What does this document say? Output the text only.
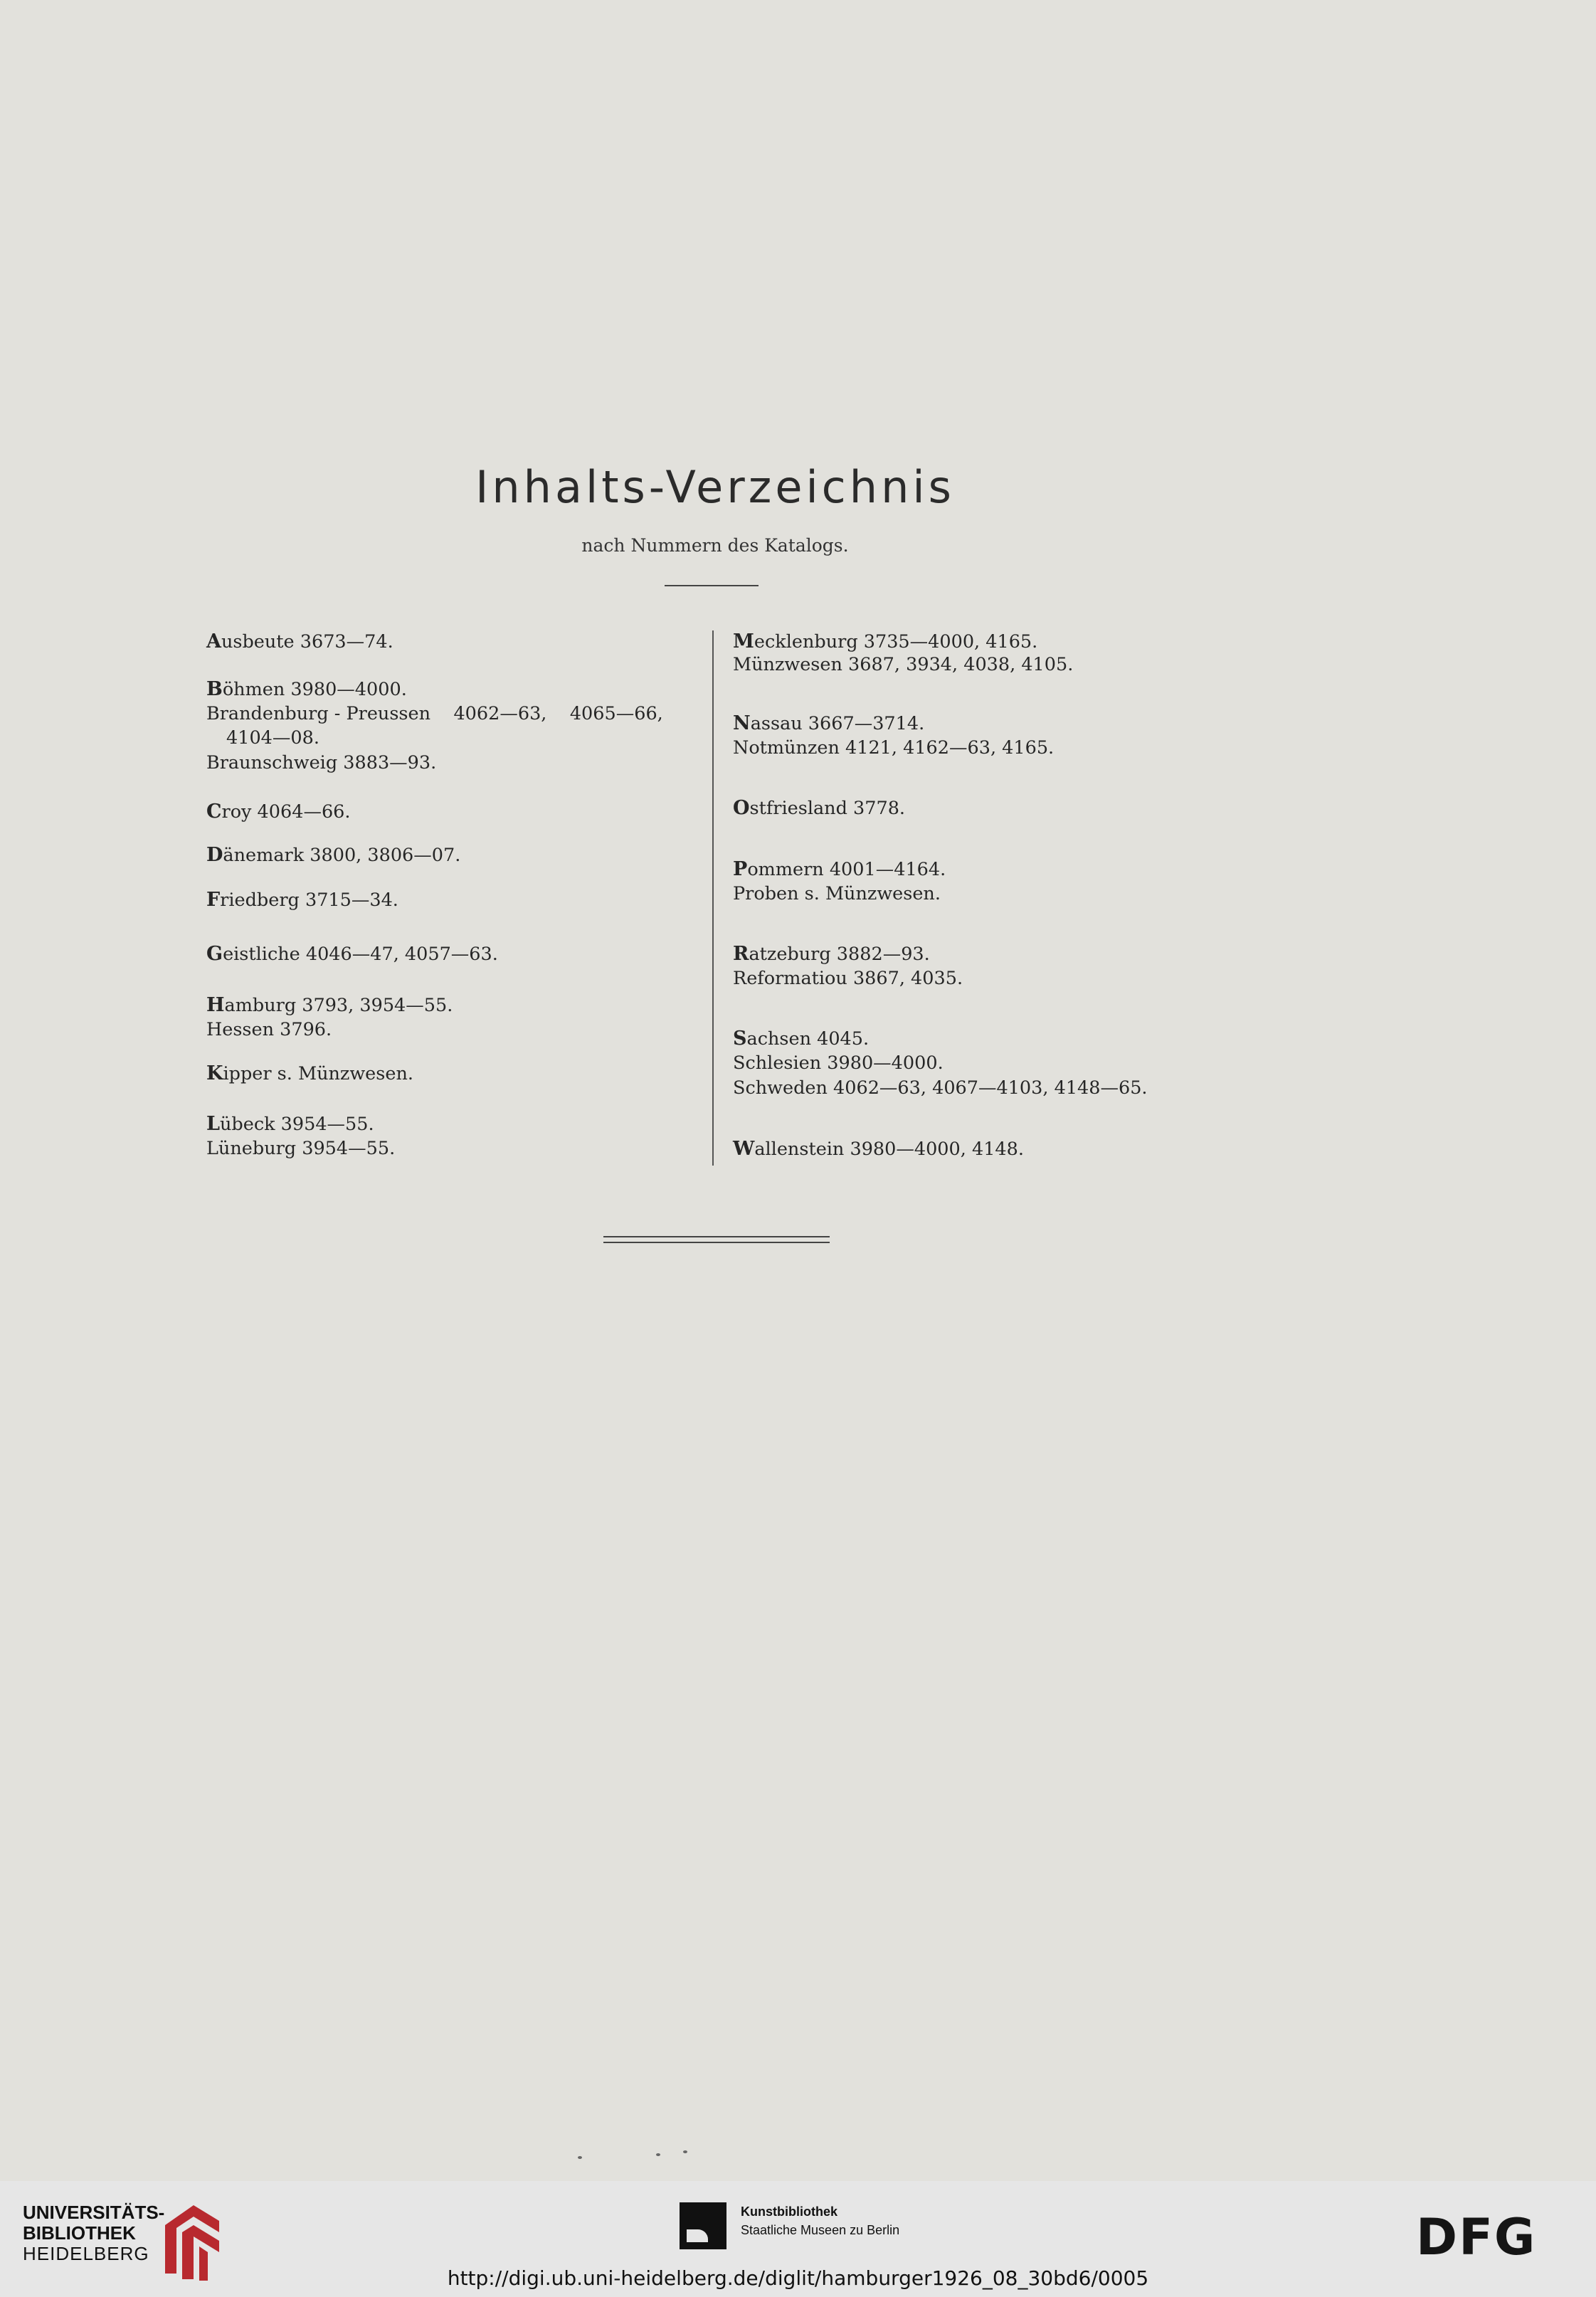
Inhalts-Verzeichnis
nach Nummern des Katalogs.
Ausbeute 3673—74.
Böhmen 3980—4000.
Brandenburg - Preussen    4062—63,    4065—66,
4104—08.
Braunschweig 3883—93.
Croy 4064—66.
Dänemark 3800, 3806—07.
Friedberg 3715—34.
Geistliche 4046—47, 4057—63.
Hamburg 3793, 3954—55.
Hessen 3796.
Kipper s. Münzwesen.
Lübeck 3954—55.
Lüneburg 3954—55.
Mecklenburg 3735—4000, 4165.
Münzwesen 3687, 3934, 4038, 4105.
Nassau 3667—3714.
Notmünzen 4121, 4162—63, 4165.
Ostfriesland 3778.
Pommern 4001—4164.
Proben s. Münzwesen.
Ratzeburg 3882—93.
Reformatiou 3867, 4035.
Sachsen 4045.
Schlesien 3980—4000.
Schweden 4062—63, 4067—4103, 4148—65.
Wallenstein 3980—4000, 4148.
UNIVERSITÄTS-
BIBLIOTHEK
HEIDELBERG
Kunstbibliothek
Staatliche Museen zu Berlin	DFG
http://digi.ub.uni-heidelberg.de/diglit/hamburger1926_08_30bd6/0005
